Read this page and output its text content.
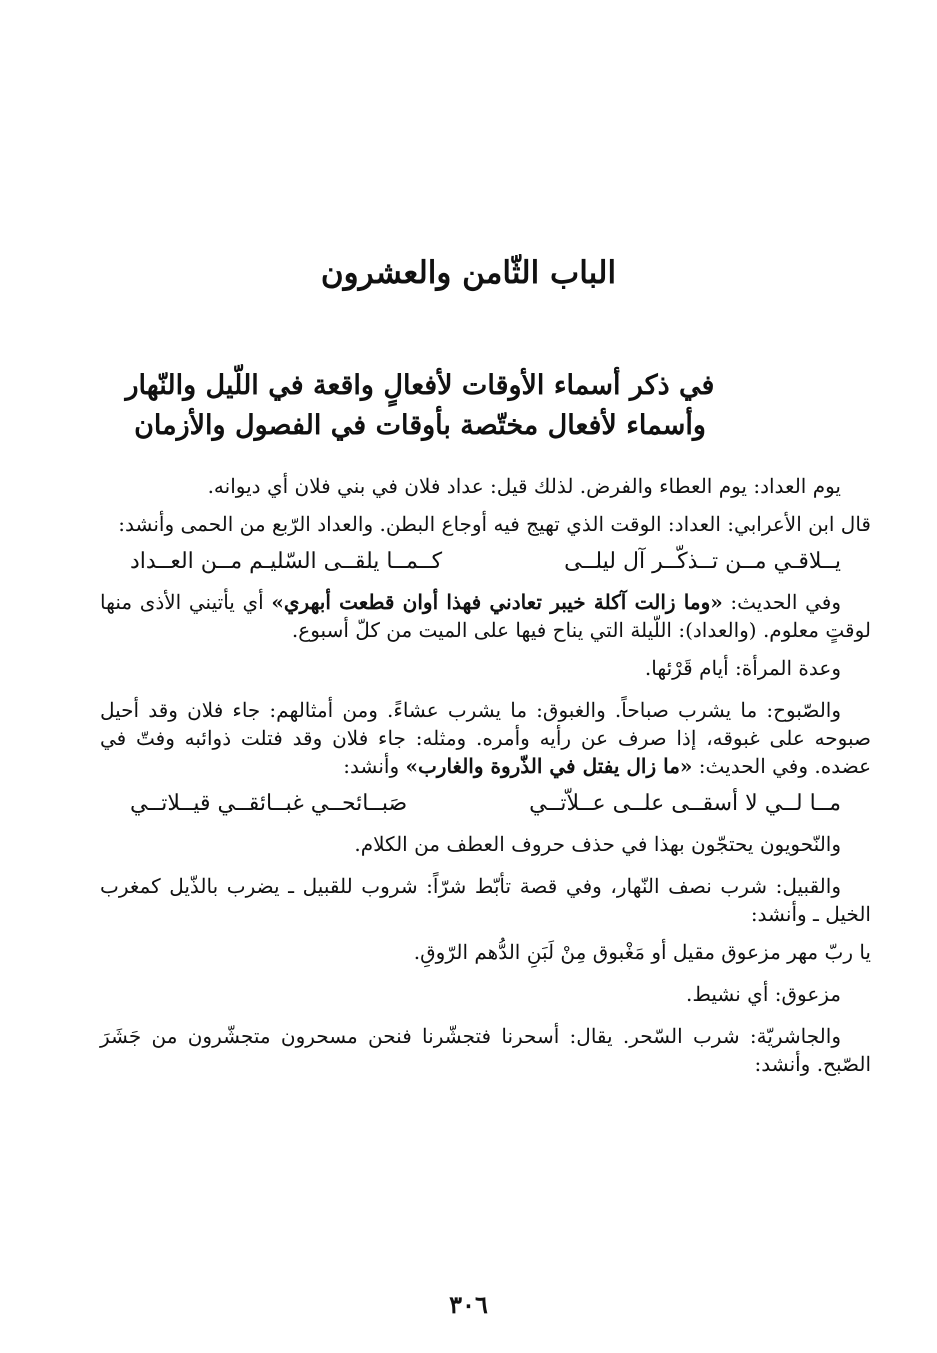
الباب الثّامن والعشرون
في ذكر أسماء الأوقات لأفعالٍ واقعة في اللّيل والنّهار
وأسماء لأفعال مختّصة بأوقات في الفصول والأزمان

يوم العداد: يوم العطاء والفرض. لذلك قيل: عداد فلان في بني فلان أي ديوانه.

قال ابن الأعرابي: العداد: الوقت الذي تهيج فيه أوجاع البطن. والعداد الرّبع من الحمى وأنشد:

يــلاقـي مــن تــذكّــر آل ليلــى
كــمــا يلقــى السّليـم مــن العــداد

وفي الحديث: «وما زالت آكلة خيبر تعادني فهذا أوان قطعت أبهري» أي يأتيني الأذى منها لوقتٍ معلوم. (والعداد): اللّيلة التي يناح فيها على الميت من كلّ أسبوع.

وعدة المرأة: أيام قَرْئها.

والصّبوح: ما يشرب صباحاً. والغبوق: ما يشرب عشاءً. ومن أمثالهم: جاء فلان وقد أحيل صبوحه على غبوقه، إذا صرف عن رأيه وأمره. ومثله: جاء فلان وقد فتلت ذوائبه وفتّ في عضده. وفي الحديث: «ما زال يفتل في الذّروة والغارب» وأنشد:

مــا لــي لا أسقــى علــى عــلاّتــي
صَبــائحــي غبــائقــي قيــلاتــي

والنّحويون يحتجّون بهذا في حذف حروف العطف من الكلام.

والقبيل: شرب نصف النّهار، وفي قصة تأبّط شرّاً: شروب للقبيل ـ يضرب بالذّيل كمغرب الخيل ـ وأنشد:

يا ربّ مهر مزعوق مقيل أو مَغْبوق مِنْ لَبَنِ الدُّهم الرّوقِ.

مزعوق: أي نشيط.

والجاشريّة: شرب السّحر. يقال: أسحرنا فتجشّرنا فنحن مسحرون متجشّرون من جَشَرَ الصّبح. وأنشد:

٣٠٦
